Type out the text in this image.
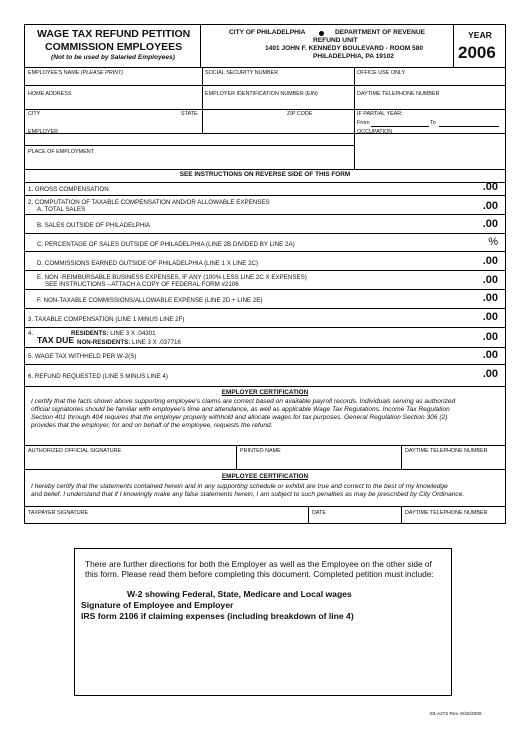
WAGE TAX REFUND PETITION
COMMISSION EMPLOYEES
(Not to be used by Salaried Employees)
CITY OF PHILADELPHIA	DEPARTMENT OF REVENUE
REFUND UNIT
1401 JOHN F. KENNEDY BOULEVARD - ROOM 580
PHILADELPHIA, PA 19102
YEAR
2006
EMPLOYEE'S NAME (PLEASE PRINT)	SOCIAL SECURITY NUMBER	OFFICE USE ONLY
HOME ADDRESS	EMPLOYER IDENTIFICATION NUMBER (EIN)	DAYTIME TELEPHONE NUMBER
CITY	STATE	ZIP CODE	IF PARTIAL YEAR:
From	To
EMPLOYER	OCCUPATION
PLACE OF EMPLOYMENT
SEE INSTRUCTIONS ON REVERSE SIDE OF THIS FORM
1. GROSS COMPENSATION	.00
2. COMPUTATION OF TAXABLE COMPENSATION AND/OR ALLOWABLE EXPENSES
A. TOTAL SALES	.00
B. SALES OUTSIDE OF PHILADELPHIA	.00
C. PERCENTAGE OF SALES OUTSIDE OF PHILADELPHIA (LINE 2B DIVIDED BY LINE 2A)	%
D. COMMISSIONS EARNED OUTSIDE OF PHILADELPHIA (LINE 1 X LINE 2C)	.00
E. NON -REIMBURSABLE BUSINESS EXPENSES, IF ANY (100% LESS LINE 2C X EXPENSES)
SEE INSTRUCTIONS --ATTACH A COPY OF FEDERAL FORM #2106	.00
F. NON-TAXABLE COMMISSIONS/ALLOWABLE EXPENSE (LINE 2D + LINE 2E)	.00
3. TAXABLE COMPENSATION (LINE 1 MINUS LINE 2F)	.00
4.
TAX DUE
RESIDENTS: LINE 3 X .04301
NON-RESIDENTS: LINE 3 X .037716	.00
5. WAGE TAX WITHHELD PER W-2(S)	.00
6. REFUND REQUESTED (LINE 5 MINUS LINE 4)	.00
EMPLOYER CERTIFICATION
I certify that the facts shown above supporting employee's claims are correct based on available payroll records. Individuals serving as authorized
official signatories should be familiar with employee's time and attendance, as well as applicable Wage Tax Regulations. Income Tax Regulation
Section 401 through 404 requires that the employer properly withhold and allocate wages for tax purposes. General Regulation Section 306 (2)
provides that the employer, for and on behalf of the employee, requests the refund.
AUTHORIZED OFFICIAL SIGNATURE	PRINTED NAME	DAYTIME TELEPHONE NUMBER
EMPLOYEE CERTIFICATION
I hereby certify that the statements contained herein and in any supporting schedule or exhibit are true and correct to the best of my knowledge
and belief. I understand that if I knowingly make any false statements herein, I am subject to such penalties as may be prescribed by City Ordinance.
TAXPAYER SIGNATURE	DATE	DAYTIME TELEPHONE NUMBER
There are further directions for both the Employer as well as the Employee on the other side of
this form. Please read them before completing this document. Completed petition must include:
W-2 showing Federal, State, Medicare and Local wages
Signature of Employee and Employer
IRS form 2106 if claiming expenses (including breakdown of line 4)
83-A272 Rev. 8/26/2006
